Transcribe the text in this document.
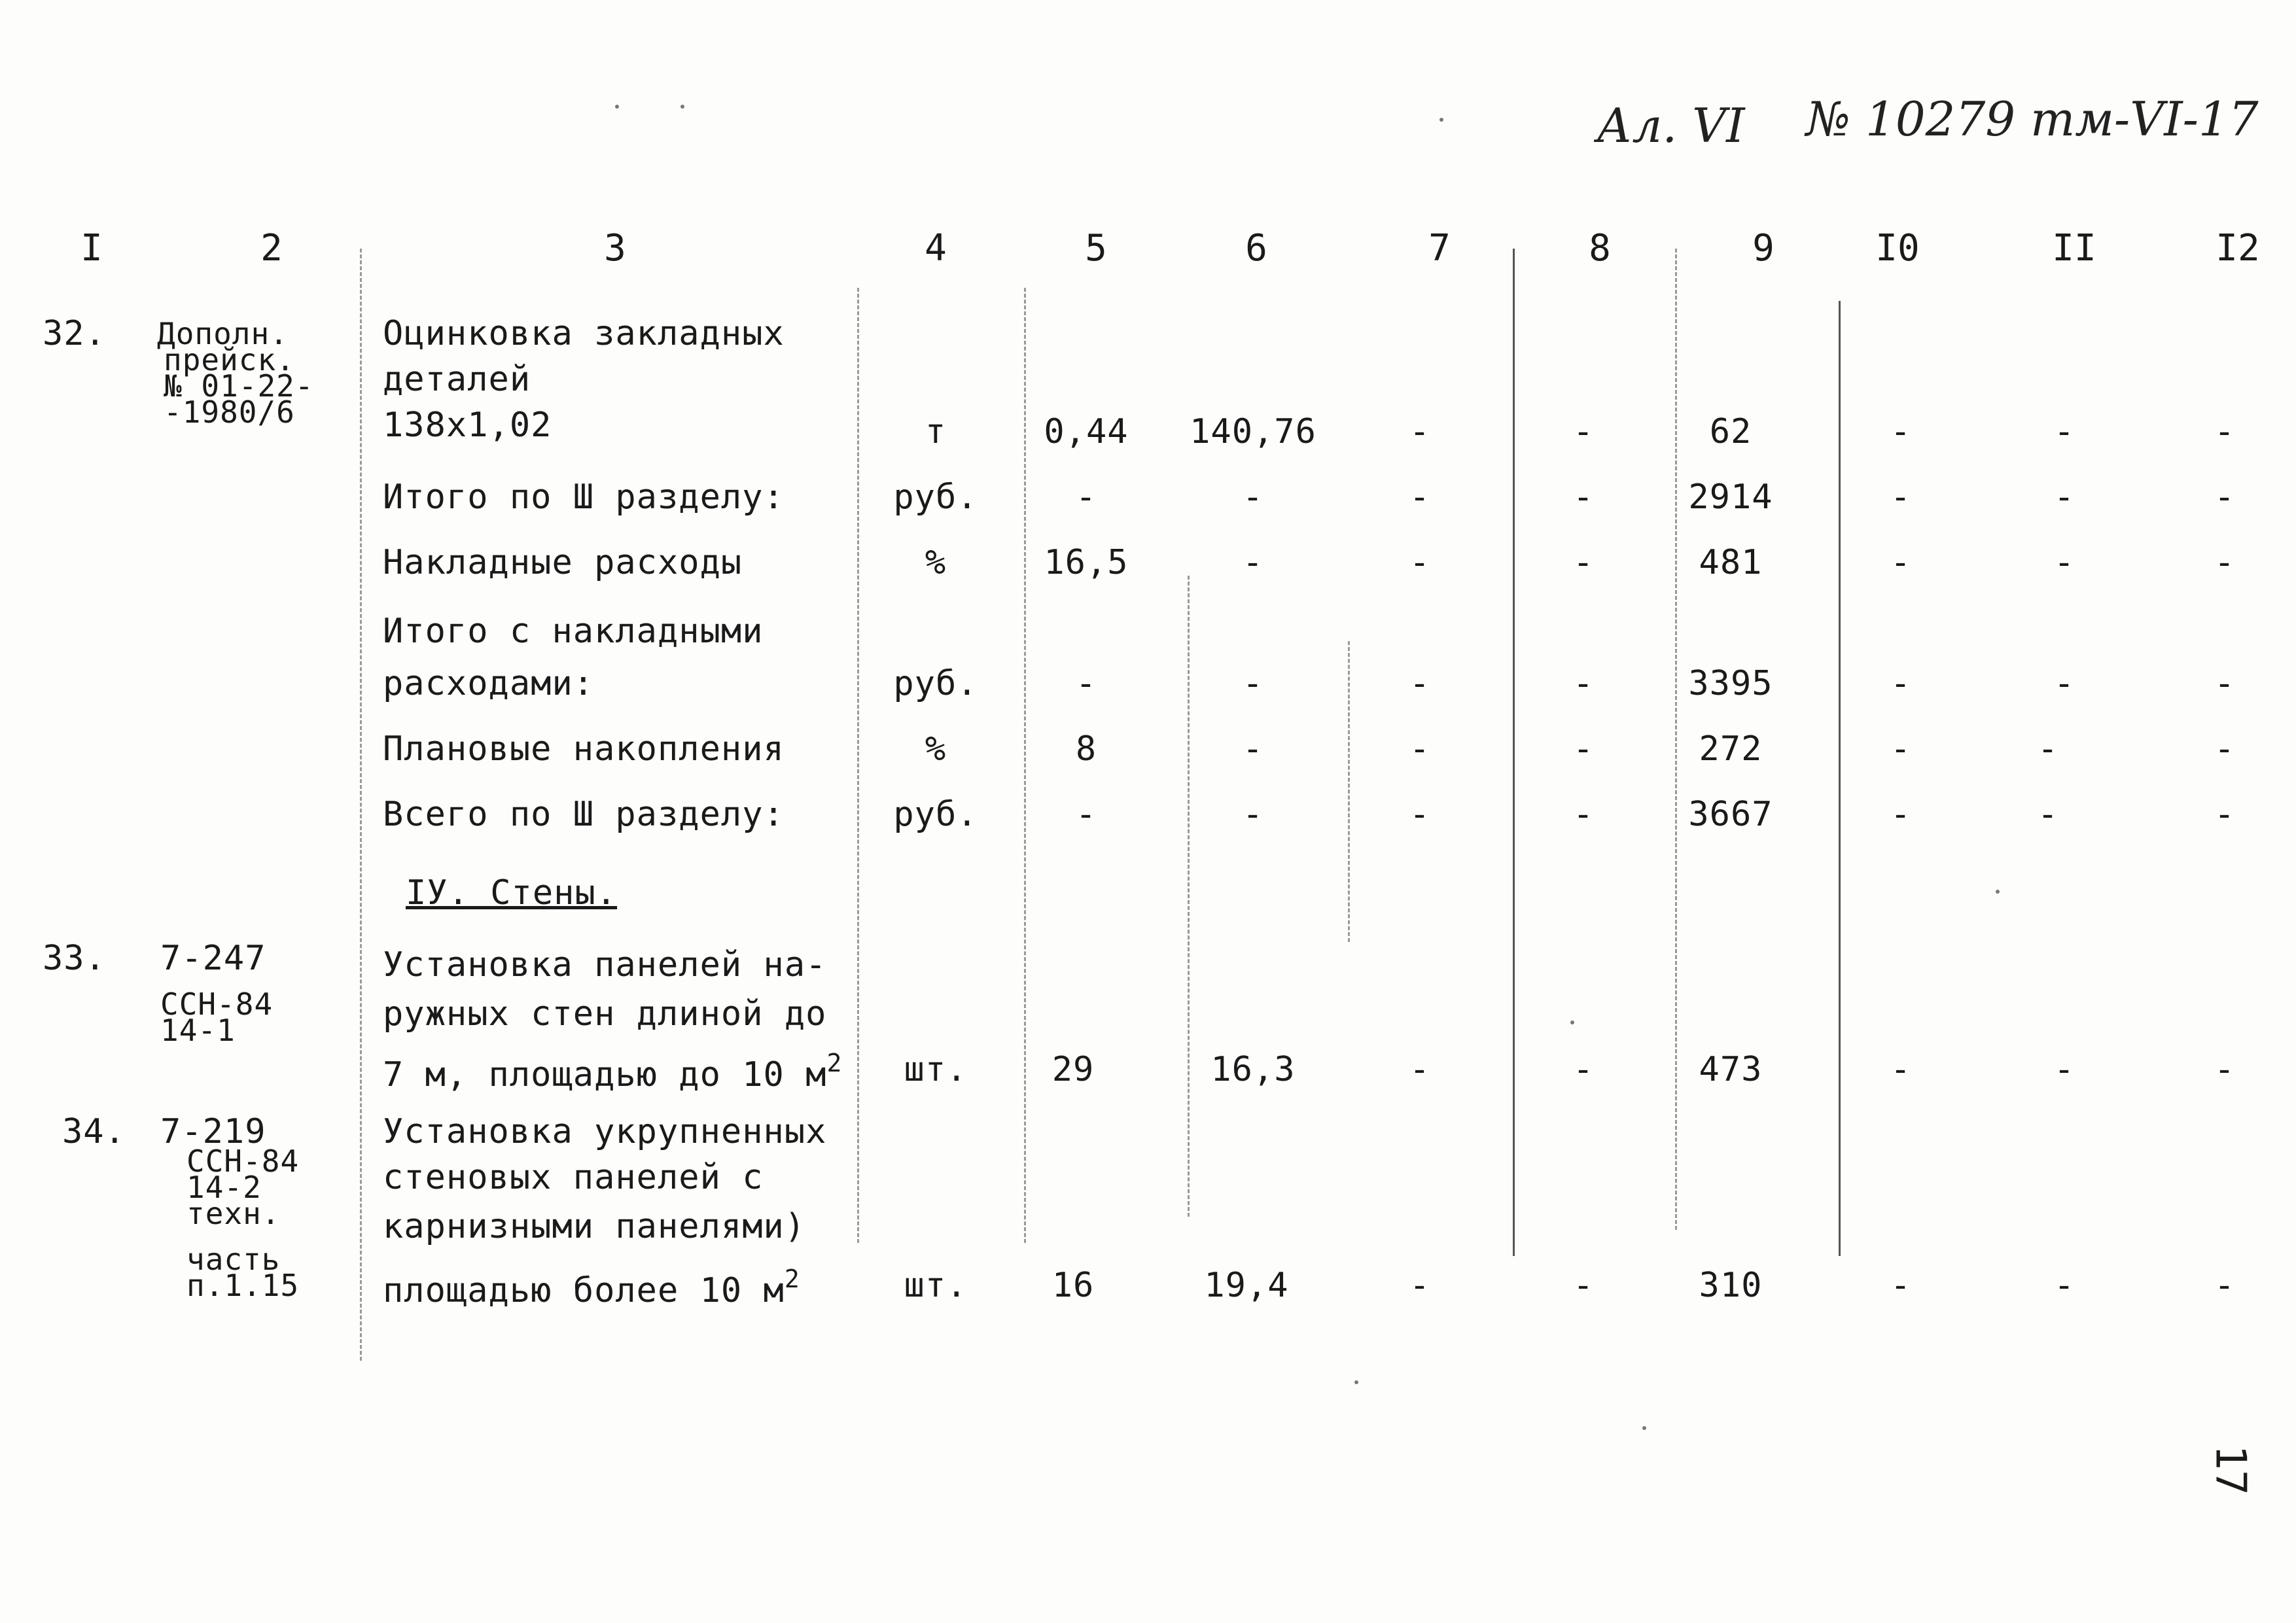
Ал. VI № 10279 тм-VI-17
I	2	3	4	5	6	7	8	9	I0	II	I2
32. Дополн.
прейск.
№ 01-22-
-1980/6
Оцинковка закладных
деталей
138х1,02	т	0,44	140,76	-	-	62	-	-	-
Итого по Ш разделу:	руб.	-	-	-	-	2914	-	-	-
Накладные расходы	%	16,5	-	-	-	481	-	-	-
Итого с накладными
расходами:	руб.	-	-	-	-	3395	-	-	-
Плановые накопления	%	8	-	-	-	272	-	-	-
Всего по Ш разделу:	руб.	-	-	-	-	3667	-	-	-
IУ. Стены.
33. 7-247
ССН-84
14-1
Установка панелей на-
ружных стен длиной до
7 м, площадью до 10 $м^2$	шт.	29	16,3	-	-	473	-	-	-
34. 7-219
ССН-84
14-2
техн.
часть
п.1.15
Установка укрупненных
стеновых панелей с
карнизными панелями)
площадью более 10 $м^2$	шт.	16	19,4	-	-	310	-	-	-
17
